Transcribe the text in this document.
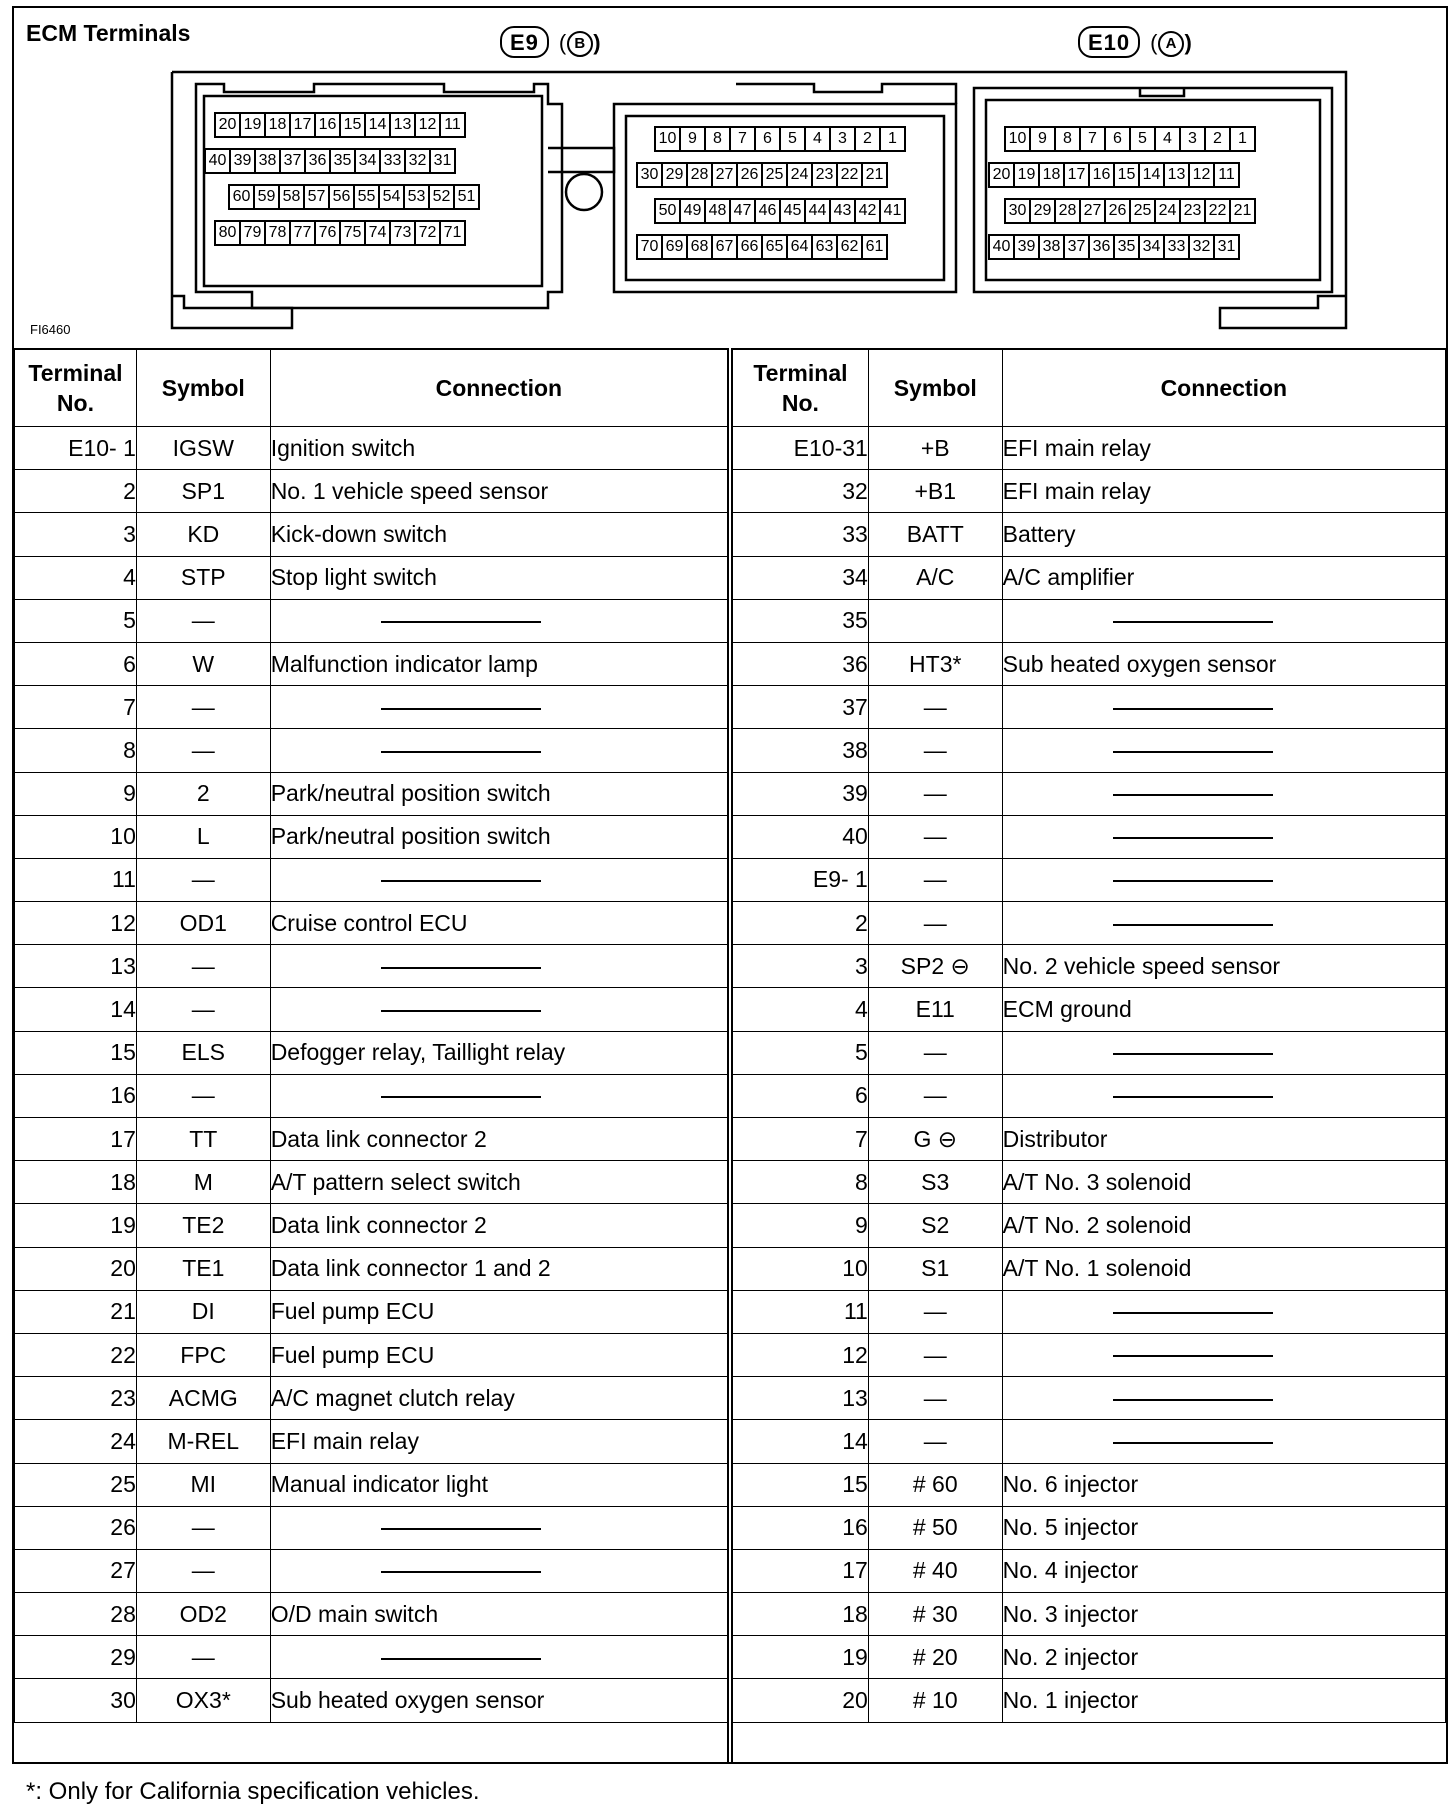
ECM Terminals	E9 ( B )	E10 ( A )
20 19 18 17 16 15 14 13 12 11
40 39 38 37 36 35 34 33 32 31
60 59 58 57 56 55 54 53 52 51
80 79 78 77 76 75 74 73 72 71
10 9	8	7	6	5	4	3	2	1
30 29 28 27 26 25 24 23 22 21
50 49 48 47 46 45 44 43 42 41
70 69 68 67 66 65 64 63 62 61
10 9	8	7	6	5	4	3	2	1
20 19 18 17 16 15 14 13 12 11
30 29 28 27 26 25 24 23 22 21
40 39 38 37 36 35 34 33 32 31
FI6460
Terminal No.	Symbol	Connection
E10- 1	IGSW	Ignition switch
2	SP1	No. 1 vehicle speed sensor
3	KD	Kick-down switch
4	STP	Stop light switch
5	—	
6	W	Malfunction indicator lamp
7	—	
8	—	
9	2	Park/neutral position switch
10	L	Park/neutral position switch
11	—	
12	OD1	Cruise control ECU
13	—	
14	—	
15	ELS	Defogger relay, Taillight relay
16	—	
17	TT	Data link connector 2
18	M	A/T pattern select switch
19	TE2	Data link connector 2
20	TE1	Data link connector 1 and 2
21	DI	Fuel pump ECU
22	FPC	Fuel pump ECU
23	ACMG	A/C magnet clutch relay
24	M-REL	EFI main relay
25	MI	Manual indicator light
26	—	
27	—	
28	OD2	O/D main switch
29	—	
30	OX3*	Sub heated oxygen sensor
Terminal No.	Symbol	Connection
E10-31	+B	EFI main relay
32	+B1	EFI main relay
33	BATT	Battery
34	A/C	A/C amplifier
35		
36	HT3*	Sub heated oxygen sensor
37	—	
38	—	
39	—	
40	—	
E9- 1	—	
2	—	
3	SP2 ⊖	No. 2 vehicle speed sensor
4	E11	ECM ground
5	—	
6	—	
7	G ⊖	Distributor
8	S3	A/T No. 3 solenoid
9	S2	A/T No. 2 solenoid
10	S1	A/T No. 1 solenoid
11	—	
12	—	
13	—	
14	—	
15	# 60	No. 6 injector
16	# 50	No. 5 injector
17	# 40	No. 4 injector
18	# 30	No. 3 injector
19	# 20	No. 2 injector
20	# 10	No. 1 injector
*: Only for California specification vehicles.
